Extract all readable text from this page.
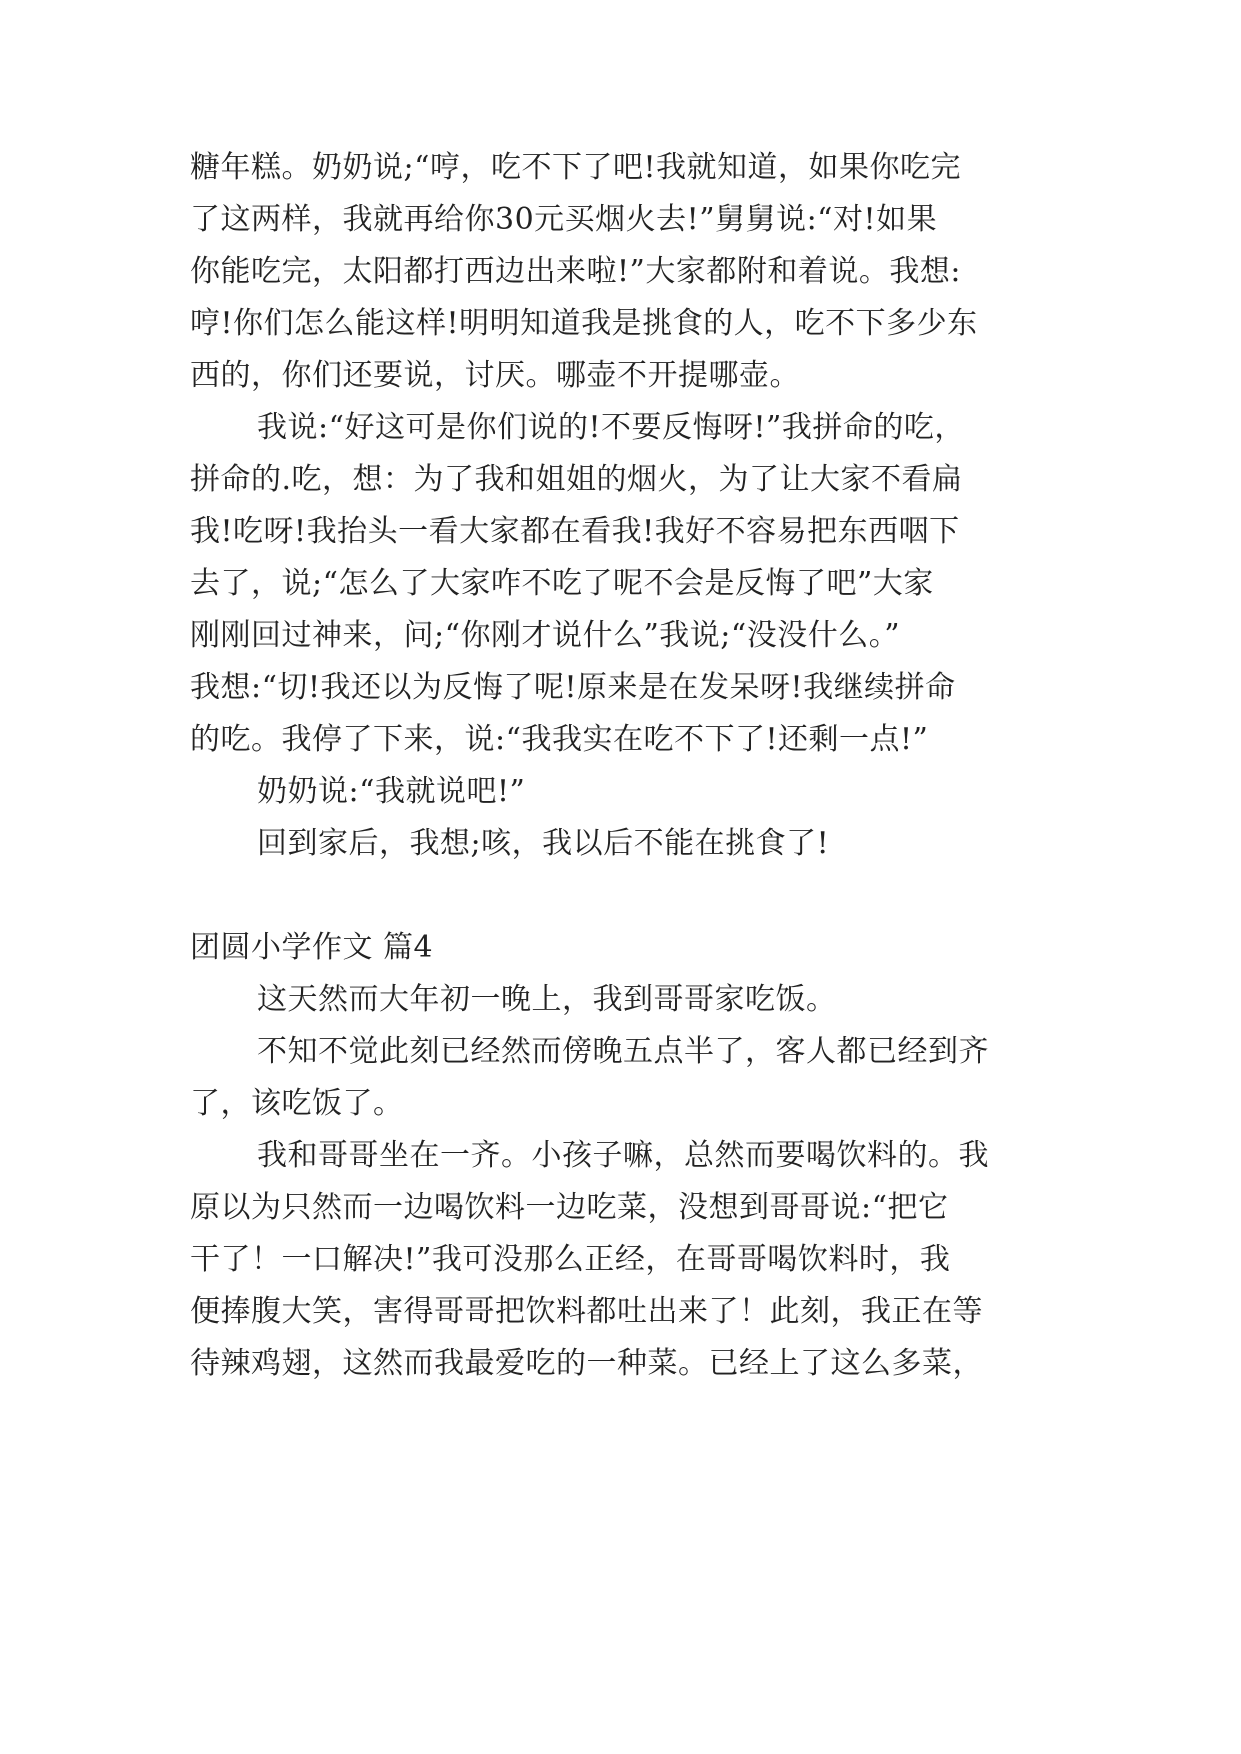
糖年糕。奶奶说;“哼，吃不下了吧!我就知道，如果你吃完
了这两样，我就再给你30元买烟火去!”舅舅说:“对!如果
你能吃完，太阳都打西边出来啦!”大家都附和着说。我想:
哼!你们怎么能这样!明明知道我是挑食的人，吃不下多少东
西的，你们还要说，讨厌。哪壶不开提哪壶。
我说:“好这可是你们说的!不要反悔呀!”我拼命的吃，
拼命的.吃，想：为了我和姐姐的烟火，为了让大家不看扁
我!吃呀!我抬头一看大家都在看我!我好不容易把东西咽下
去了，说;“怎么了大家咋不吃了呢不会是反悔了吧”大家
刚刚回过神来，问;“你刚才说什么”我说;“没没什么。”
我想:“切!我还以为反悔了呢!原来是在发呆呀!我继续拼命
的吃。我停了下来，说:“我我实在吃不下了!还剩一点!”
奶奶说:“我就说吧!”
回到家后，我想;咳，我以后不能在挑食了!
团圆小学作文 篇4
这天然而大年初一晚上，我到哥哥家吃饭。
不知不觉此刻已经然而傍晚五点半了，客人都已经到齐
了，该吃饭了。
我和哥哥坐在一齐。小孩子嘛，总然而要喝饮料的。我
原以为只然而一边喝饮料一边吃菜，没想到哥哥说:“把它
干了！一口解决!”我可没那么正经，在哥哥喝饮料时，我
便捧腹大笑，害得哥哥把饮料都吐出来了！此刻，我正在等
待辣鸡翅，这然而我最爱吃的一种菜。已经上了这么多菜，
